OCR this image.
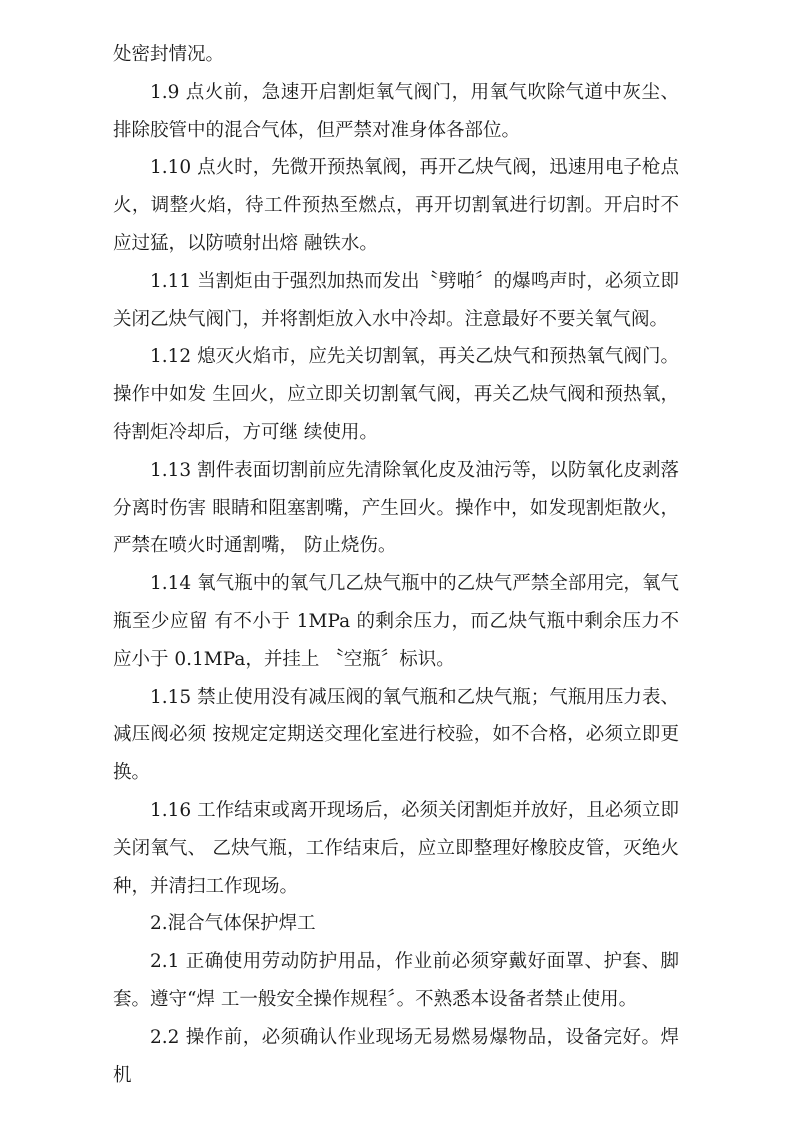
处密封情况。

1.9 点火前，急速开启割炬氧气阀门，用氧气吹除气道中灰尘、排除胶管中的混合气体，但严禁对准身体各部位。

1.10 点火时，先微开预热氧阀，再开乙炔气阀，迅速用电子枪点火，调整火焰，待工件预热至燃点，再开切割氧进行切割。开启时不应过猛，以防喷射出熔 融铁水。

1.11 当割炬由于强烈加热而发出〝劈啪〞的爆鸣声时，必须立即关闭乙炔气阀门，并将割炬放入水中冷却。注意最好不要关氧气阀。

1.12 熄灭火焰市，应先关切割氧，再关乙炔气和预热氧气阀门。操作中如发 生回火，应立即关切割氧气阀，再关乙炔气阀和预热氧，待割炬冷却后，方可继 续使用。

1.13 割件表面切割前应先清除氧化皮及油污等，以防氧化皮剥落分离时伤害 眼睛和阻塞割嘴，产生回火。操作中，如发现割炬散火，严禁在喷火时通割嘴， 防止烧伤。

1.14 氧气瓶中的氧气几乙炔气瓶中的乙炔气严禁全部用完，氧气瓶至少应留 有不小于 1MPa 的剩余压力，而乙炔气瓶中剩余压力不应小于 0.1MPa，并挂上 〝空瓶〞标识。

1.15 禁止使用没有减压阀的氧气瓶和乙炔气瓶；气瓶用压力表、减压阀必须 按规定定期送交理化室进行校验，如不合格，必须立即更换。

1.16 工作结束或离开现场后，必须关闭割炬并放好，且必须立即关闭氧气、 乙炔气瓶，工作结束后，应立即整理好橡胶皮管，灭绝火种，并清扫工作现场。

2.混合气体保护焊工

2.1 正确使用劳动防护用品，作业前必须穿戴好面罩、护套、脚套。遵守“焊 工一般安全操作规程〞。不熟悉本设备者禁止使用。

2.2 操作前，必须确认作业现场无易燃易爆物品，设备完好。焊机
